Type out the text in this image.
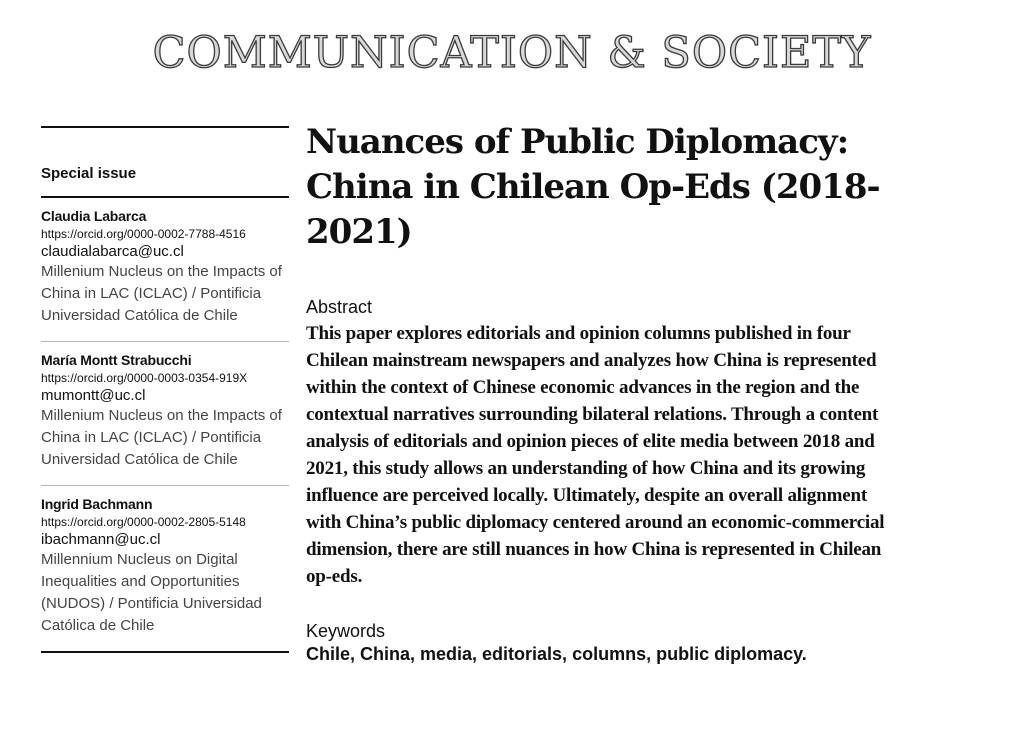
COMMUNICATION & SOCIETY
Special issue
Claudia Labarca
https://orcid.org/0000-0002-7788-4516
claudialabarca@uc.cl
Millenium Nucleus on the Impacts of China in LAC (ICLAC) / Pontificia Universidad Católica de Chile
María Montt Strabucchi
https://orcid.org/0000-0003-0354-919X
mumontt@uc.cl
Millenium Nucleus on the Impacts of China in LAC (ICLAC) / Pontificia Universidad Católica de Chile
Ingrid Bachmann
https://orcid.org/0000-0002-2805-5148
ibachmann@uc.cl
Millennium Nucleus on Digital Inequalities and Opportunities (NUDOS) / Pontificia Universidad Católica de Chile
Nuances of Public Diplomacy: China in Chilean Op-Eds (2018-2021)
Abstract
This paper explores editorials and opinion columns published in four Chilean mainstream newspapers and analyzes how China is represented within the context of Chinese economic advances in the region and the contextual narratives surrounding bilateral relations. Through a content analysis of editorials and opinion pieces of elite media between 2018 and 2021, this study allows an understanding of how China and its growing influence are perceived locally. Ultimately, despite an overall alignment with China’s public diplomacy centered around an economic-commercial dimension, there are still nuances in how China is represented in Chilean op-eds.
Keywords
Chile, China, media, editorials, columns, public diplomacy.
